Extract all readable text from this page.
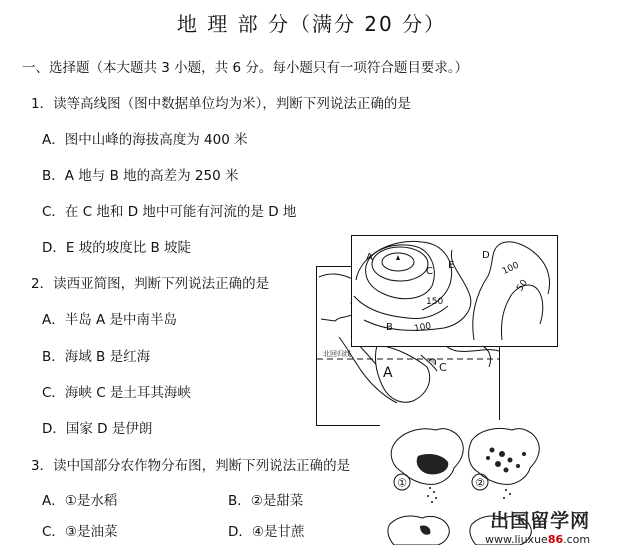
地 理 部 分（满分 20 分）
一、选择题（本大题共 3 小题，共 6 分。每小题只有一项符合题目要求。）
1．读等高线图（图中数据单位均为米），判断下列说法正确的是
A．图中山峰的海拔高度为 400 米
B．A 地与 B 地的高差为 250 米
C．在 C 地和 D 地中可能有河流的是 D 地
D．E 坡的坡度比 B 坡陡
2．读西亚简图，判断下列说法正确的是
A．半岛 A 是中南半岛
B．海域 B 是红海
C．海峡 C 是土耳其海峡
D．国家 D 是伊朗
3．读中国部分农作物分布图，判断下列说法正确的是
A．①是水稻	B．②是甜菜
C．③是油菜	D．④是甘蔗
A	C
北回归线
A
B
C
D
E	100
50
150
100
①	②
出国留学网
www.liuxue86.com
